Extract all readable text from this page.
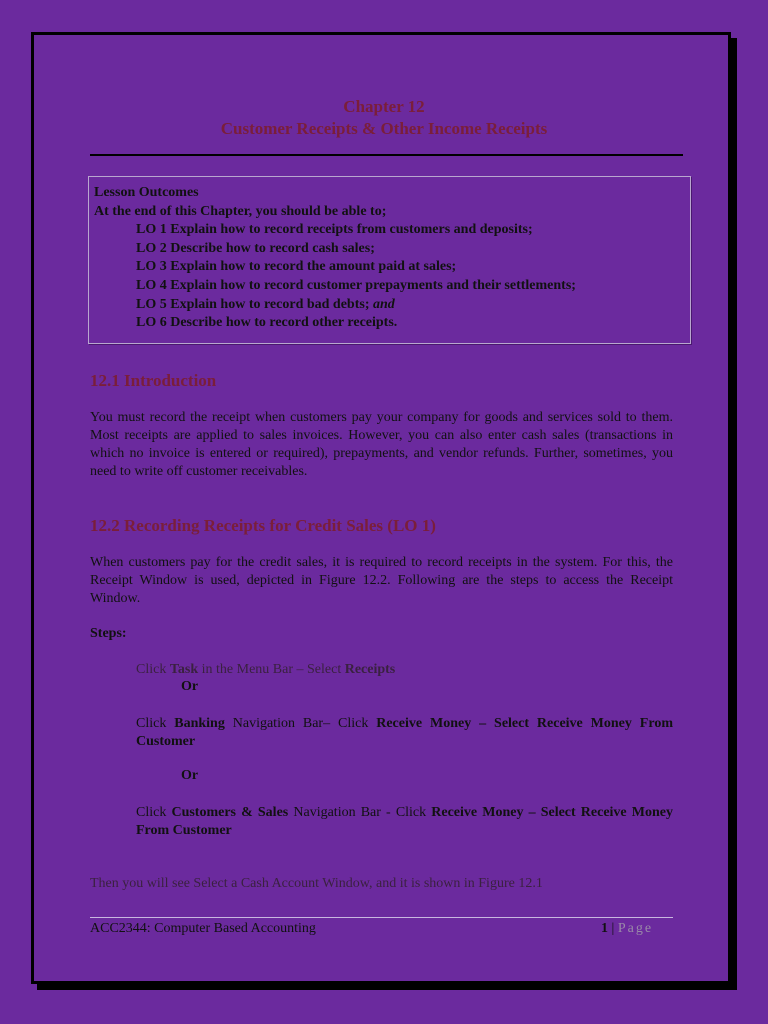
Chapter 12
Customer Receipts & Other Income Receipts
Lesson Outcomes
At the end of this Chapter, you should be able to;
LO 1 Explain how to record receipts from customers and deposits;
LO 2 Describe how to record cash sales;
LO 3 Explain how to record the amount paid at sales;
LO 4 Explain how to record customer prepayments and their settlements;
LO 5 Explain how to record bad debts; and
LO 6 Describe how to record other receipts.
12.1 Introduction

You must record the receipt when customers pay your company for goods and services sold to them. Most receipts are applied to sales invoices. However, you can also enter cash sales (transactions in which no invoice is entered or required), prepayments, and vendor refunds. Further, sometimes, you need to write off customer receivables.

12.2 Recording Receipts for Credit Sales (LO 1)

When customers pay for the credit sales, it is required to record receipts in the system. For this, the Receipt Window is used, depicted in Figure 12.2. Following are the steps to access the Receipt Window.

Steps:
Click Task in the Menu Bar – Select Receipts
Or
Click Banking Navigation Bar– Click Receive Money – Select Receive Money From Customer
Or
Click Customers & Sales Navigation Bar - Click Receive Money – Select Receive Money From Customer

Then you will see Select a Cash Account Window, and it is shown in Figure 12.1

ACC2344: Computer Based Accounting	1 | Page
